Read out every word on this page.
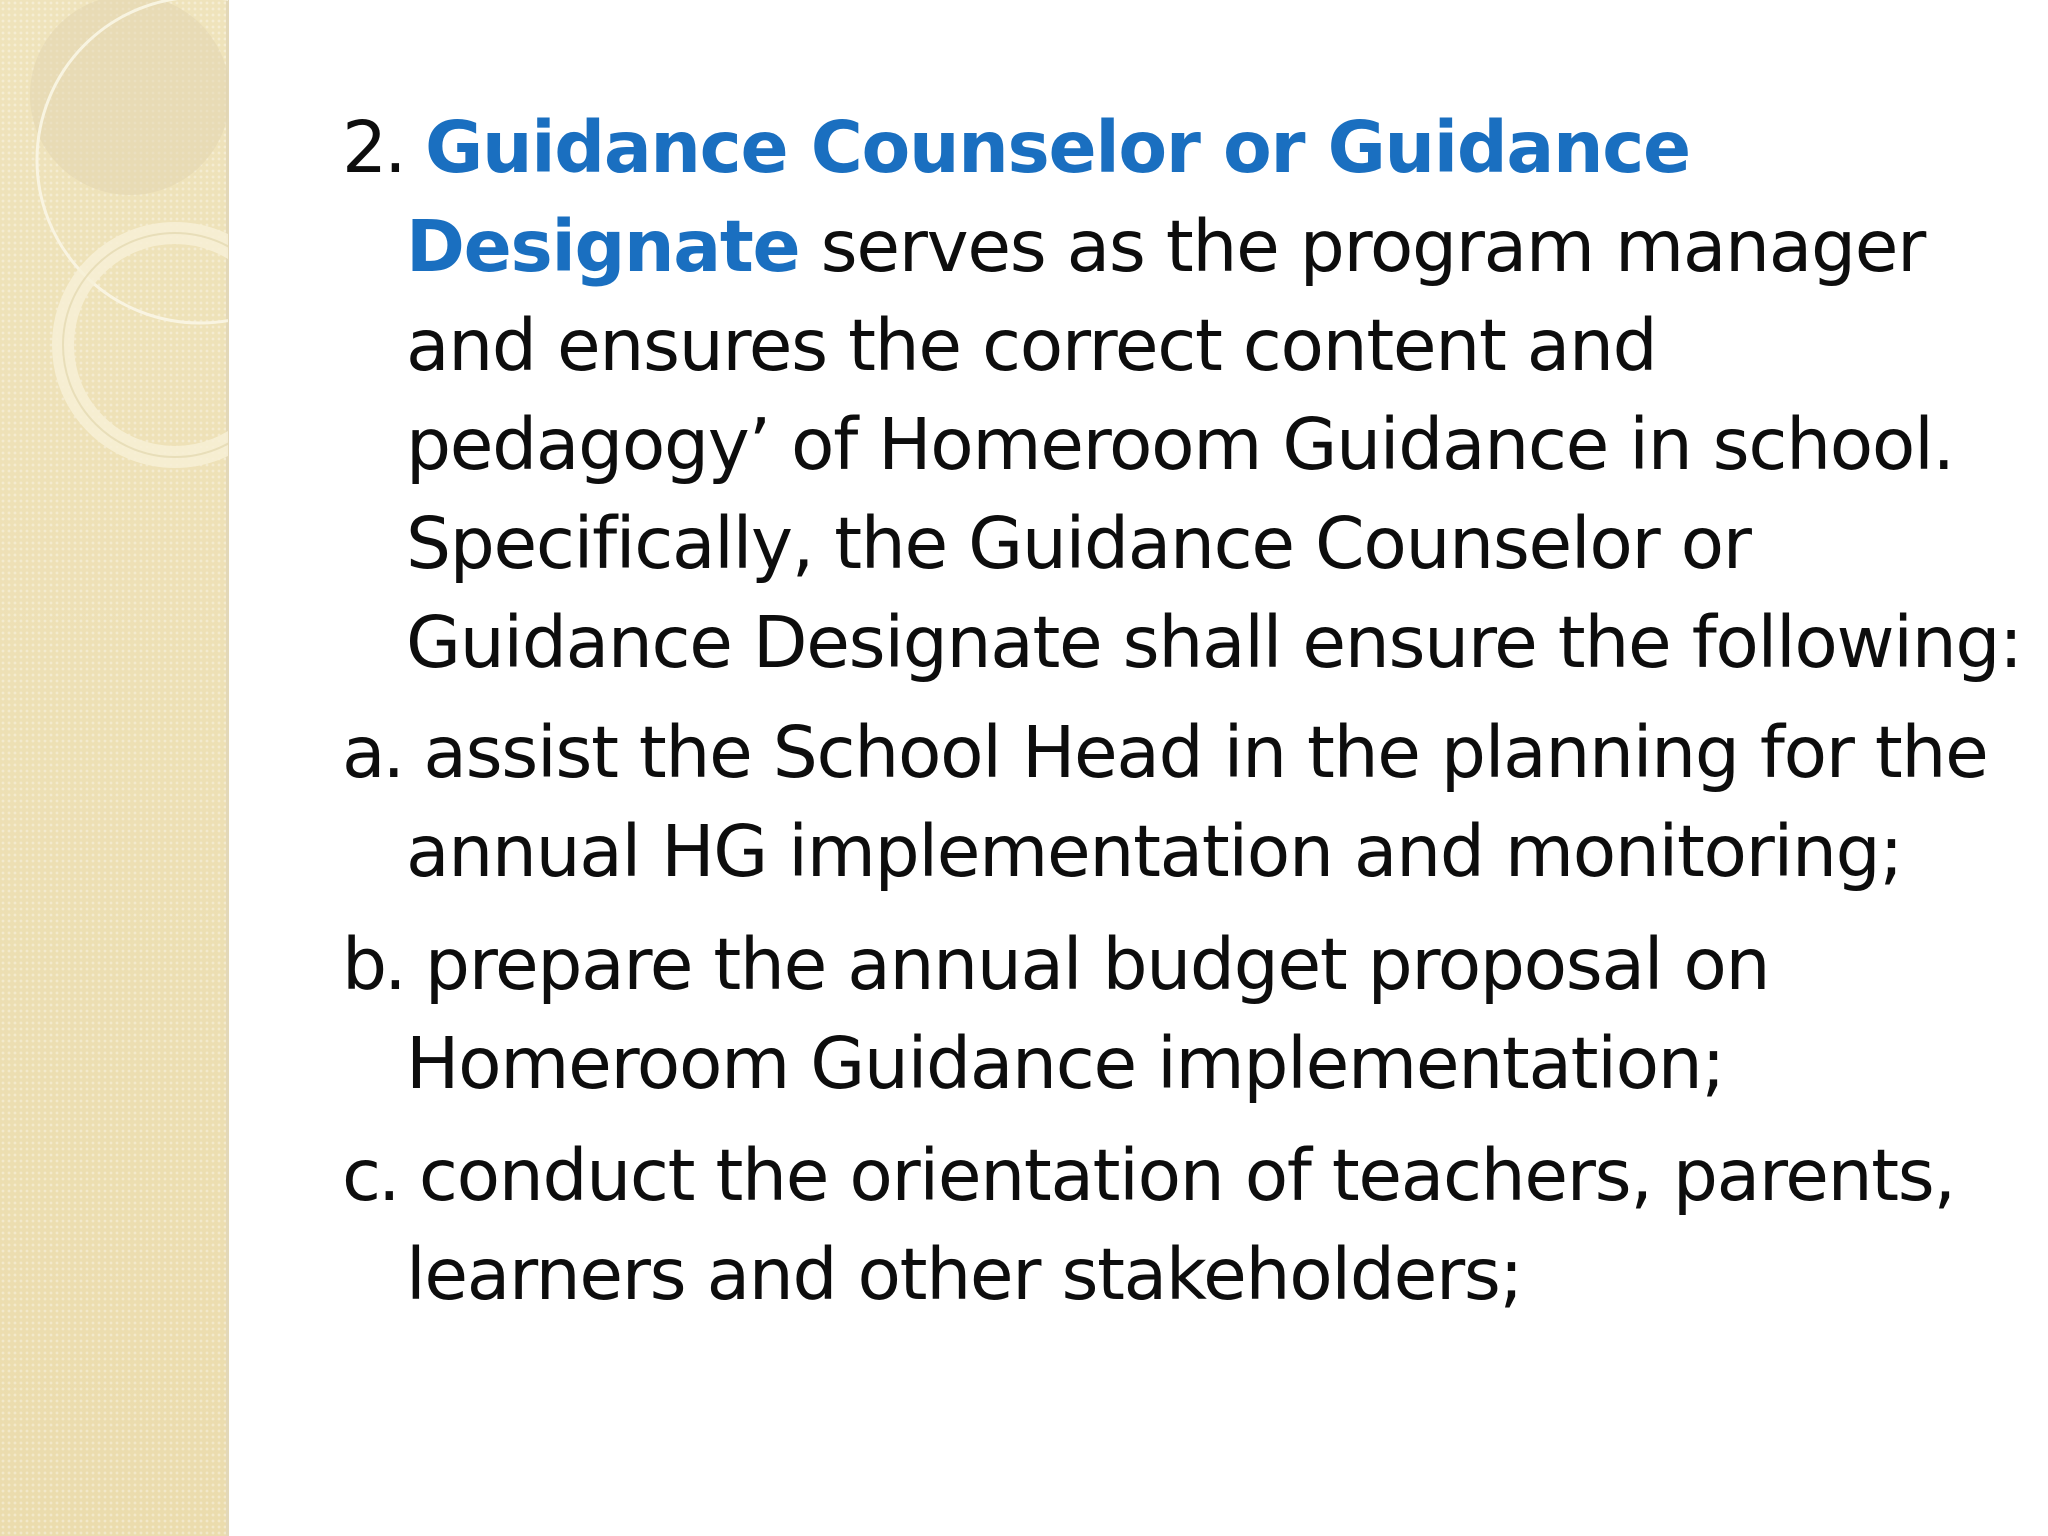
2. Guidance Counselor or Guidance Designate serves as the program manager and ensures the correct content and pedagogy’ of Homeroom Guidance in school. Specifically, the Guidance Counselor or Guidance Designate shall ensure the following:

a. assist the School Head in the planning for the annual HG implementation and monitoring;

b. prepare the annual budget proposal on Homeroom Guidance implementation;

c. conduct the orientation of teachers, parents, learners and other stakeholders;
